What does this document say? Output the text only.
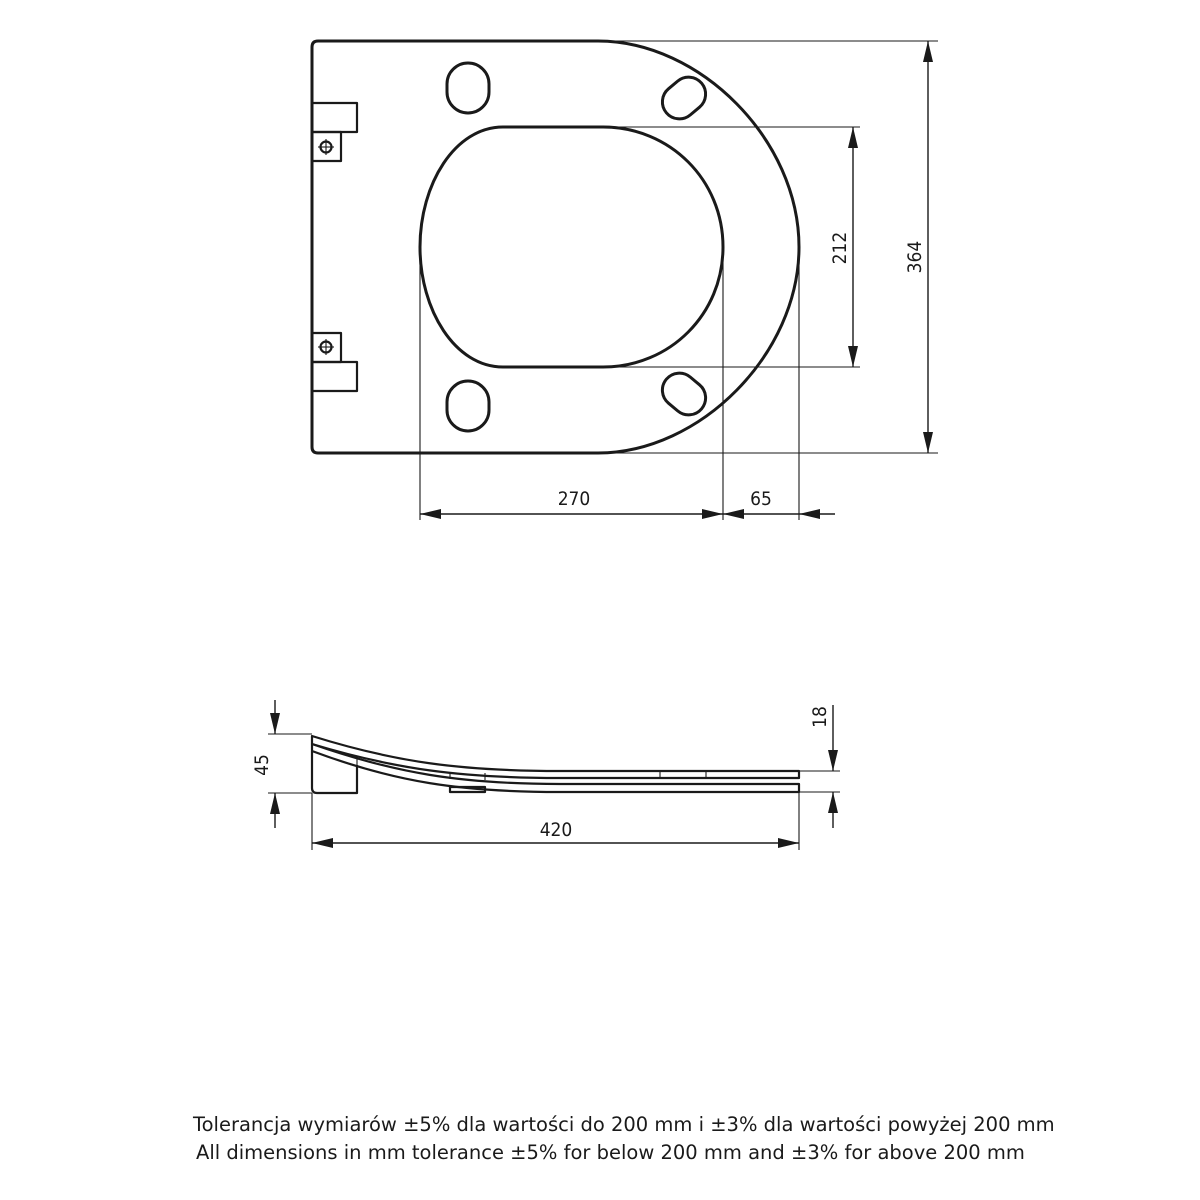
364
212
270	65
45
420
18
Tolerancja wymiarów ±5% dla wartości do 200 mm i ±3% dla wartości powyżej 200 mm
All dimensions in mm tolerance ±5% for below 200 mm and ±3% for above 200 mm
